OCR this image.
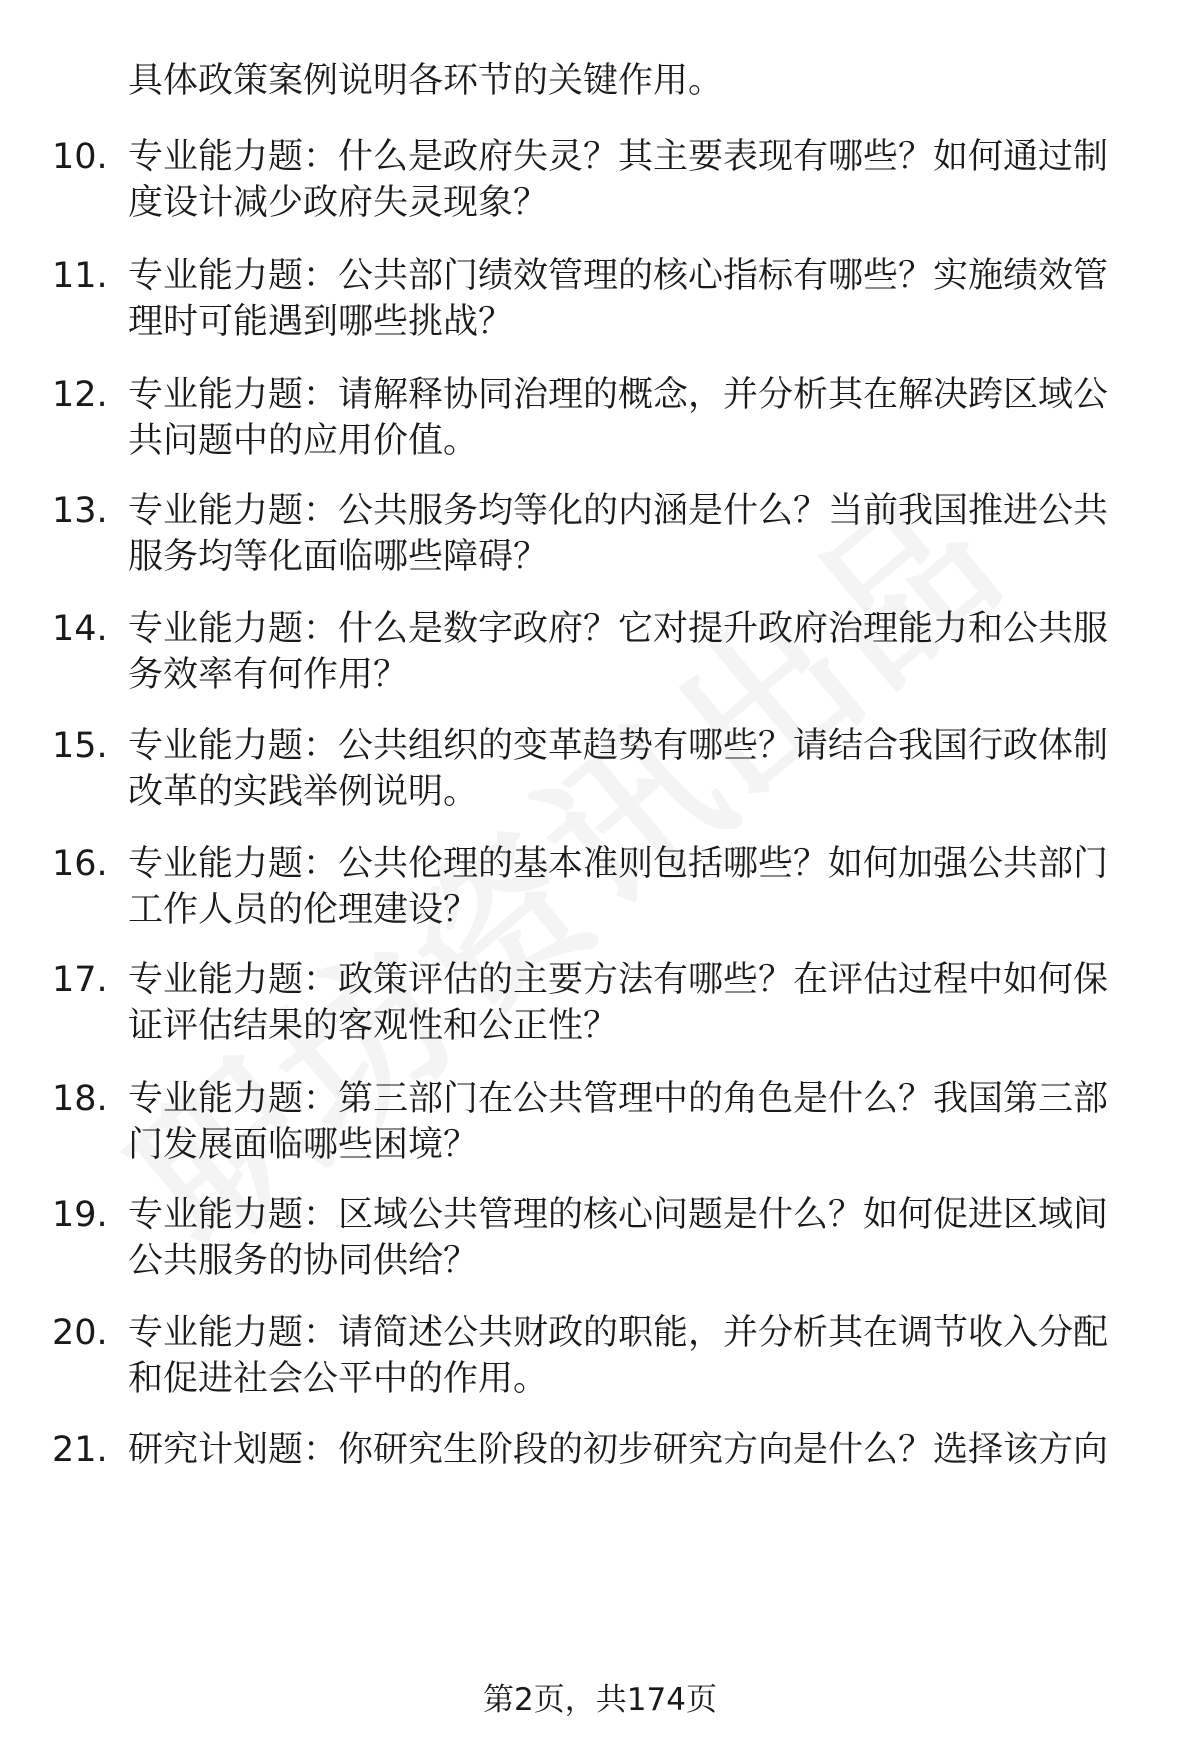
具体政策案例说明各环节的关键作用。
10. 专业能力题：什么是政府失灵？其主要表现有哪些？如何通过制
度设计减少政府失灵现象？
11. 专业能力题：公共部门绩效管理的核心指标有哪些？实施绩效管
理时可能遇到哪些挑战？
12. 专业能力题：请解释协同治理的概念，并分析其在解决跨区域公
共问题中的应用价值。
13. 专业能力题：公共服务均等化的内涵是什么？当前我国推进公共
服务均等化面临哪些障碍？
14. 专业能力题：什么是数字政府？它对提升政府治理能力和公共服
务效率有何作用？
15. 专业能力题：公共组织的变革趋势有哪些？请结合我国行政体制
改革的实践举例说明。
16. 专业能力题：公共伦理的基本准则包括哪些？如何加强公共部门
工作人员的伦理建设？
17. 专业能力题：政策评估的主要方法有哪些？在评估过程中如何保
证评估结果的客观性和公正性？
18. 专业能力题：第三部门在公共管理中的角色是什么？我国第三部
门发展面临哪些困境？
19. 专业能力题：区域公共管理的核心问题是什么？如何促进区域间
公共服务的协同供给？
20. 专业能力题：请简述公共财政的职能，并分析其在调节收入分配
和促进社会公平中的作用。
21. 研究计划题：你研究生阶段的初步研究方向是什么？选择该方向
第2页，共174页
